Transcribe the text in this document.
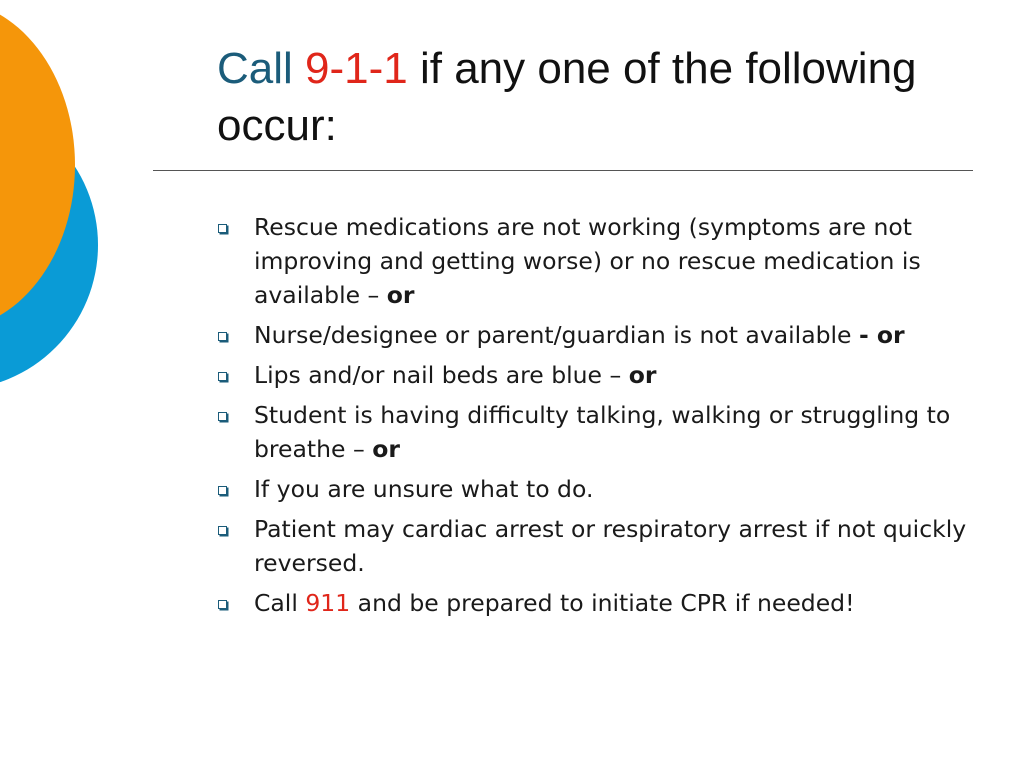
Call 9-1-1 if any one of the following occur:
Rescue medications are not working (symptoms are not improving and getting worse) or no rescue medication is available – or
Nurse/designee or parent/guardian is not available - or
Lips and/or nail beds are blue – or
Student is having difficulty talking, walking or struggling to breathe – or
If you are unsure what to do.
Patient may cardiac arrest or respiratory arrest if not quickly reversed.
Call 911 and be prepared to initiate CPR if needed!
